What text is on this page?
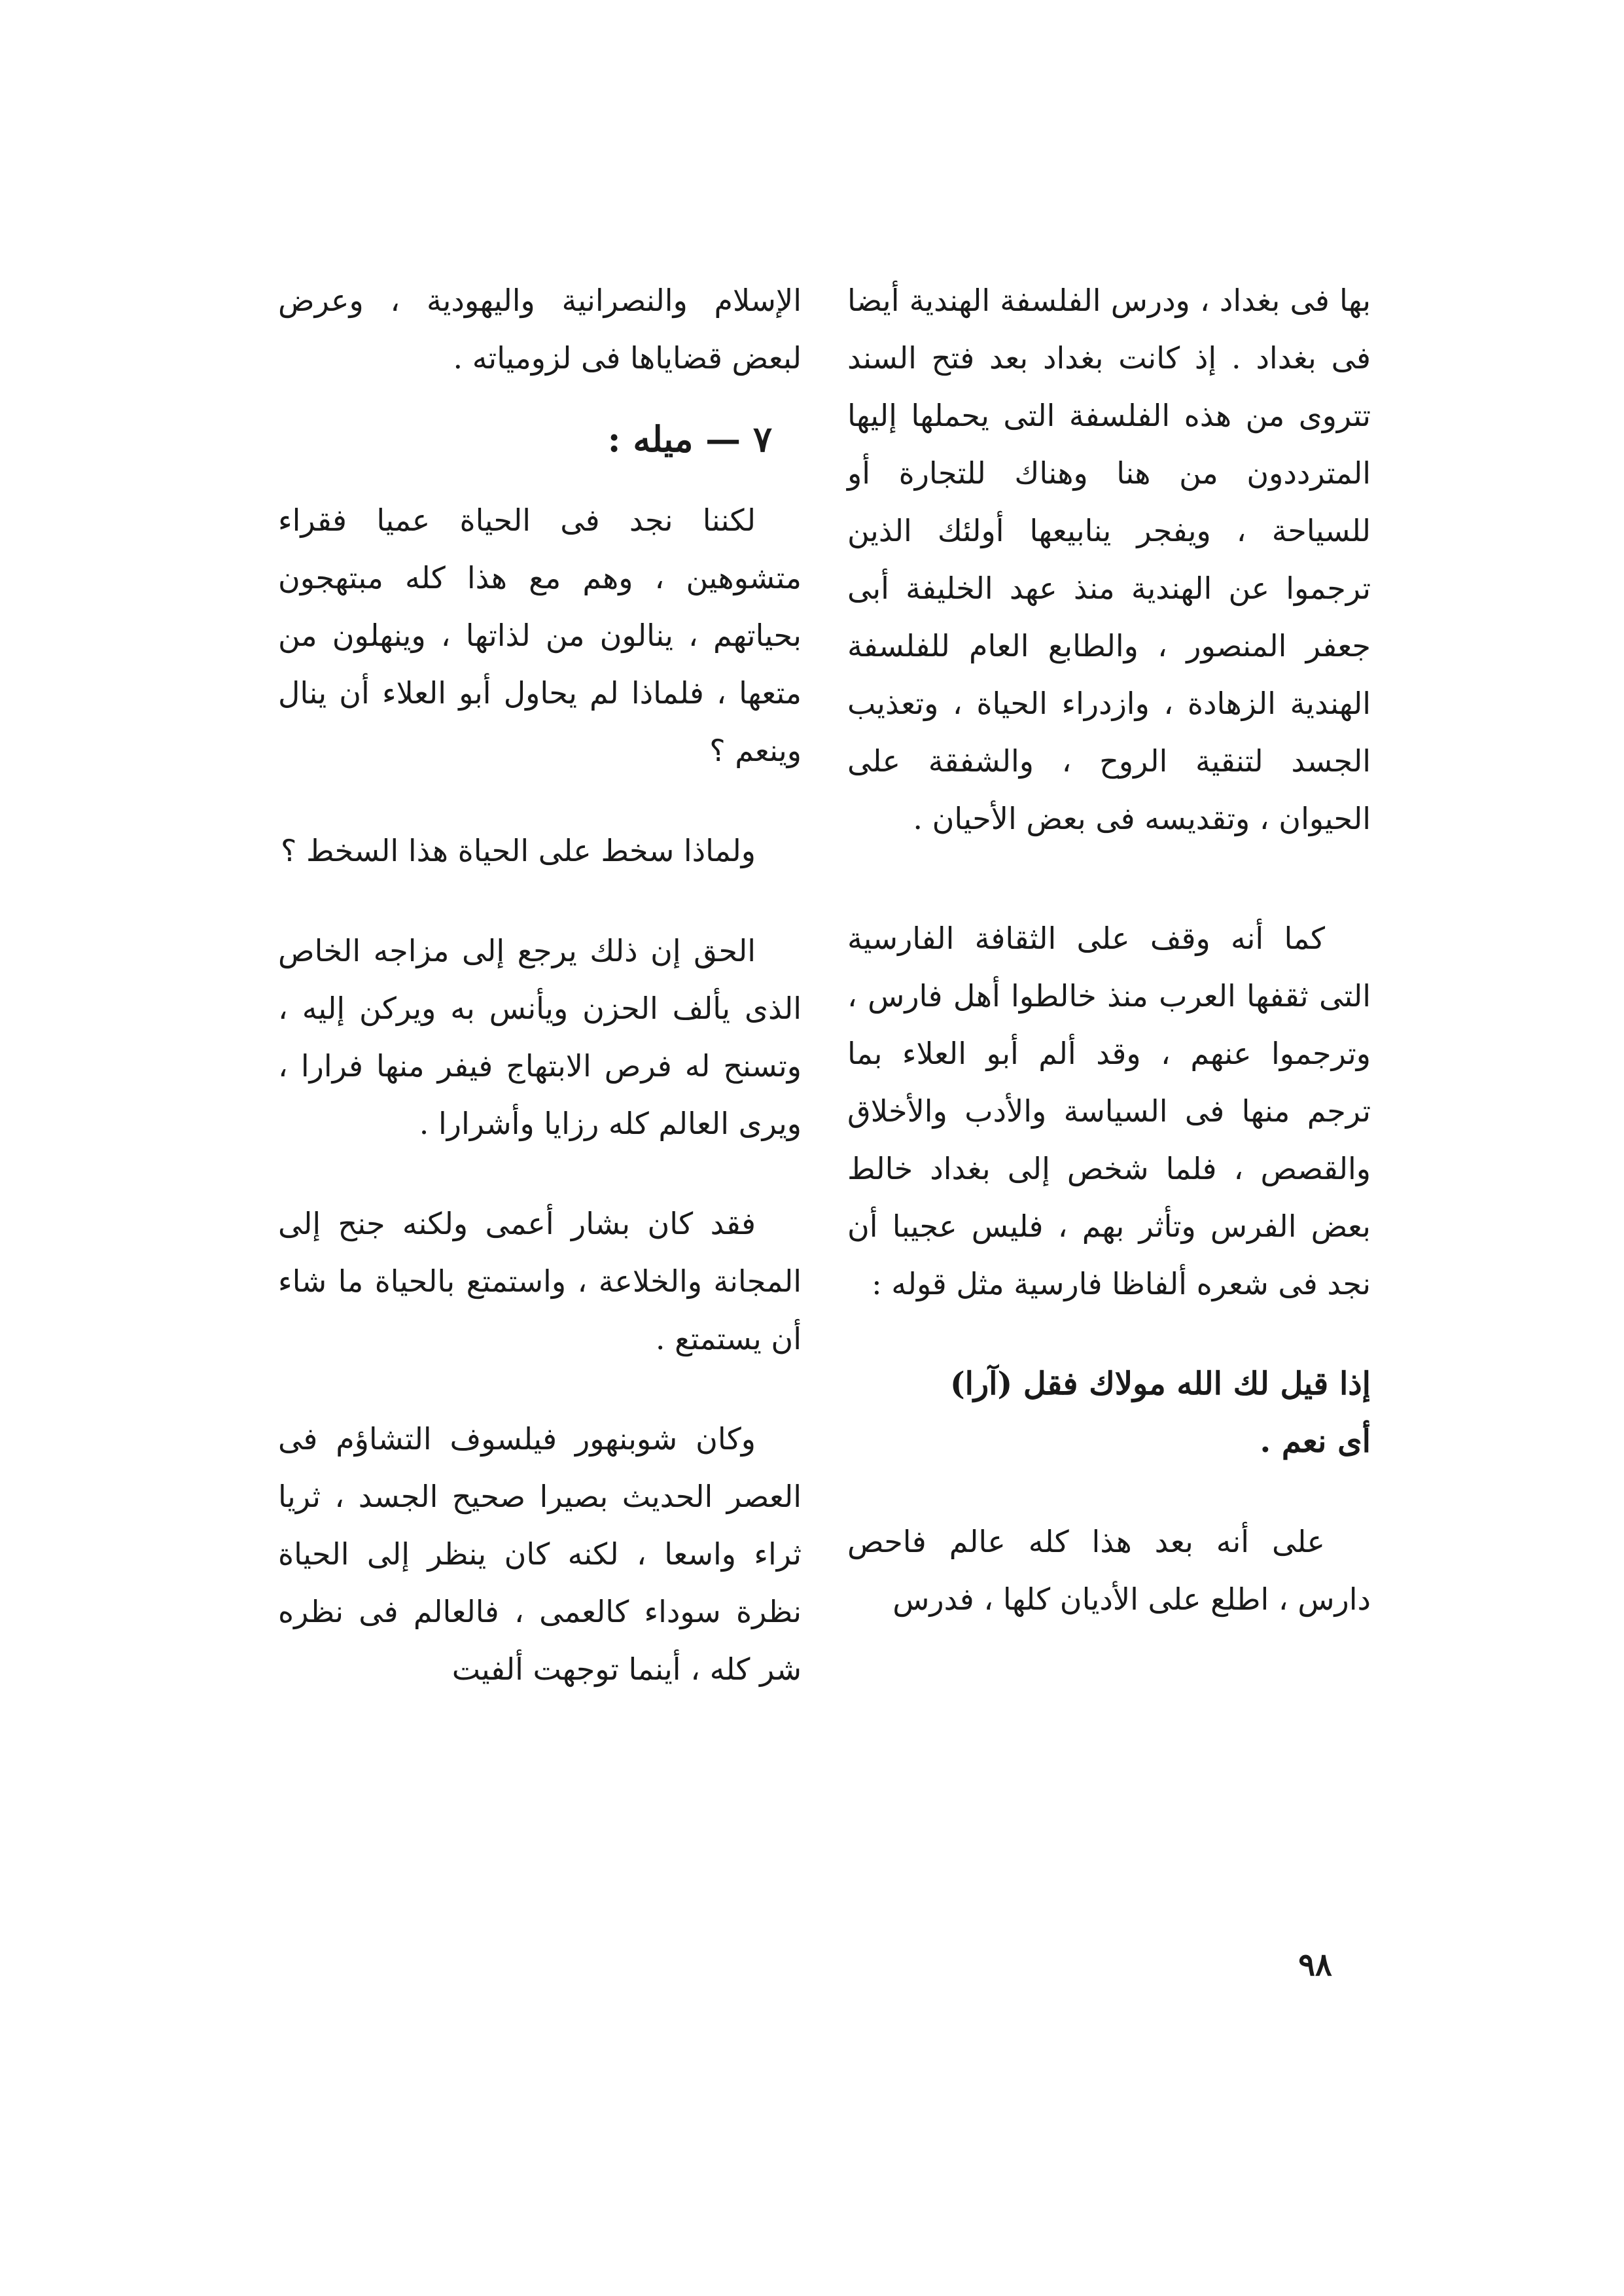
ﺑﻬﺎ فى بغداد ، ودرس الفلسفة الهندية أيضا فى بغداد . إذ كانت بغداد بعد فتح السند تتروى من هذه الفلسفة التى يحملها إليها المترددون من هنا وهناك للتجارة أو للسياحة ، ويفجر ينابيعها أولئك الذين ترجموا عن الهندية منذ عهد الخليفة أبى جعفر المنصور ، والطابع العام للفلسفة الهندية الزهادة ، وازدراء الحياة ، وتعذيب الجسد لتنقية الروح ، والشفقة على الحيوان ، وتقديسه فى بعض الأحيان .

كما أنه وقف على الثقافة الفارسية التى ثقفها العرب منذ خالطوا أهل فارس ، وترجموا عنهم ، وقد ألم أبو العلاء بما ترجم منها فى السياسة والأدب والأخلاق والقصص ، فلما شخص إلى بغداد خالط بعض الفرس وتأثر بهم ، فليس عجيبا أن نجد فى شعره ألفاظا فارسية مثل قوله :

إذا قيل لك الله مولاك فقل (آرا)

أى نعم .

على أنه بعد هذا كله عالم فاحص دارس ، اطلع على الأديان كلها ، فدرس

الإسلام والنصرانية واليهودية ، وعرض لبعض قضاياها فى لزومياته .

٧ — ميله :

لكننا نجد فى الحياة عميا فقراء متشوهين ، وهم مع هذا كله مبتهجون بحياتهم ، ينالون من لذاتها ، وينهلون من متعها ، فلماذا لم يحاول أبو العلاء أن ينال وينعم ؟

ولماذا سخط على الحياة هذا السخط ؟

الحق إن ذلك يرجع إلى مزاجه الخاص الذى يألف الحزن ويأنس به ويركن إليه ، وتسنح له فرص الابتهاج فيفر منها فرارا ، ويرى العالم كله رزايا وأشرارا .

فقد كان بشار أعمى ولكنه جنح إلى المجانة والخلاعة ، واستمتع بالحياة ما شاء أن يستمتع .

وكان شوبنهور فيلسوف التشاؤم فى العصر الحديث بصيرا صحيح الجسد ، ثريا ثراء واسعا ، لكنه كان ينظر إلى الحياة نظرة سوداء كالعمى ، فالعالم فى نظره شر كله ، أينما توجهت ألفيت

٩٨
